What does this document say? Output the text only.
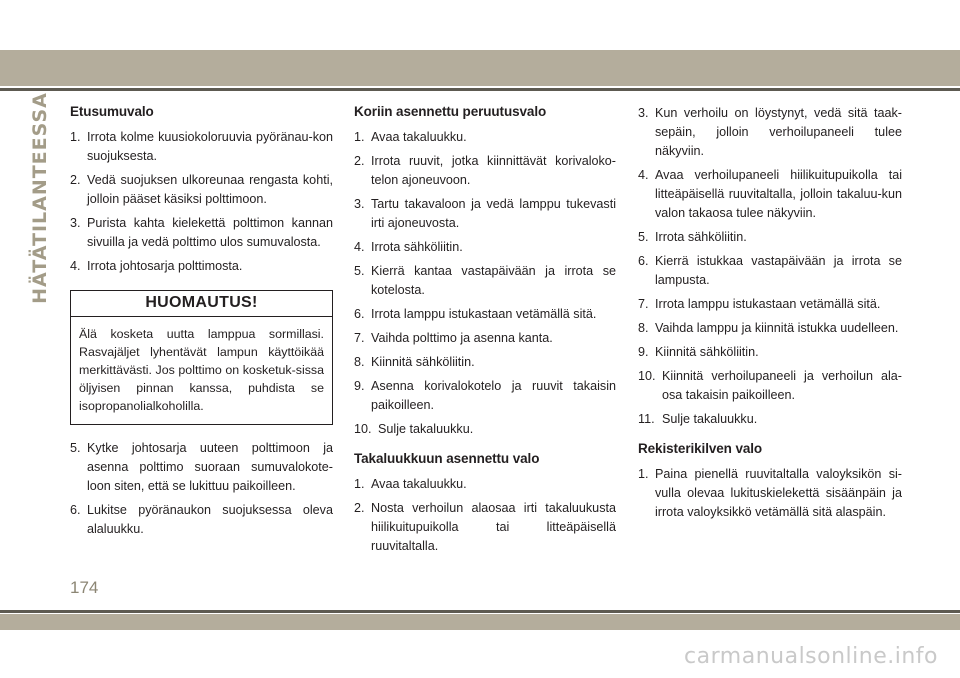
HÄTÄTILANTEESSA Etusumuvalo
1. Irrota kolme kuusiokoloruuvia pyöränau-kon suojuksesta.
2. Vedä suojuksen ulkoreunaa rengasta kohti, jolloin pääset käsiksi polttimoon.
3. Purista kahta kielekettä polttimon kannan sivuilla ja vedä polttimo ulos sumuvalosta.
4. Irrota johtosarja polttimosta.
HUOMAUTUS!
Älä kosketa uutta lamppua sormillasi. Rasvajäljet lyhentävät lampun käyttöikää merkittävästi. Jos polttimo on kosketuk-sissa öljyisen pinnan kanssa, puhdista se isopropanolialkoholilla.
5. Kytke johtosarja uuteen polttimoon ja asenna polttimo suoraan sumuvalokote-loon siten, että se lukittuu paikoilleen.
6. Lukitse pyöränaukon suojuksessa oleva alaluukku.
Koriin asennettu peruutusvalo
1. Avaa takaluukku.
2. Irrota ruuvit, jotka kiinnittävät korivaloko-telon ajoneuvoon.
3. Tartu takavaloon ja vedä lamppu tukevasti irti ajoneuvosta.
4. Irrota sähköliitin.
5. Kierrä kantaa vastapäivään ja irrota se kotelosta.
6. Irrota lamppu istukastaan vetämällä sitä.
7. Vaihda polttimo ja asenna kanta.
8. Kiinnitä sähköliitin.
9. Asenna korivalokotelo ja ruuvit takaisin paikoilleen.
10. Sulje takaluukku.
Takaluukkuun asennettu valo
1. Avaa takaluukku.
2. Nosta verhoilun alaosaa irti takaluukusta hiilikuitupuikolla tai litteäpäisellä ruuvitaltalla.
3. Kun verhoilu on löystynyt, vedä sitä taak-sepäin, jolloin verhoilupaneeli tulee näkyviin.
4. Avaa verhoilupaneeli hiilikuitupuikolla tai litteäpäisellä ruuvitaltalla, jolloin takaluu-kun valon takaosa tulee näkyviin.
5. Irrota sähköliitin.
6. Kierrä istukkaa vastapäivään ja irrota se lampusta.
7. Irrota lamppu istukastaan vetämällä sitä.
8. Vaihda lamppu ja kiinnitä istukka uudelleen.
9. Kiinnitä sähköliitin.
10. Kiinnitä verhoilupaneeli ja verhoilun ala-osa takaisin paikoilleen.
11. Sulje takaluukku.
Rekisterikilven valo
1. Paina pienellä ruuvitaltalla valoyksikön si-vulla olevaa lukituskielekettä sisäänpäin ja irrota valoyksikkö vetämällä sitä alaspäin.
174
carmanualsonline.info
